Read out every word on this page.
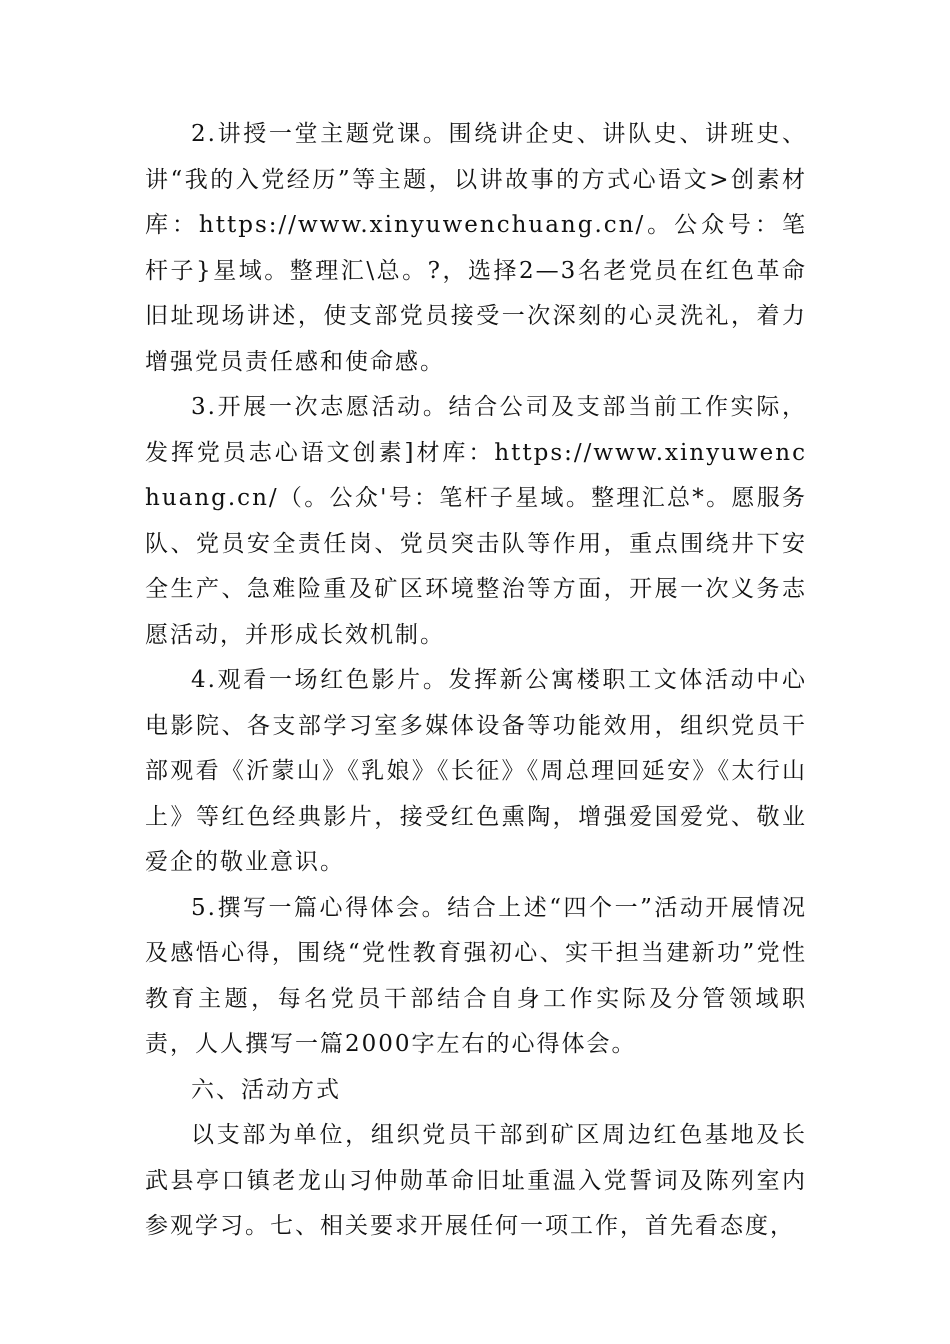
2.讲授一堂主题党课。围绕讲企史、讲队史、讲班史、讲“我的入党经历”等主题，以讲故事的方式心语文>创素材库：https://www.xinyuwenchuang.cn/。公众号：笔杆子}星域。整理汇\总。?，选择2—3名老党员在红色革命旧址现场讲述，使支部党员接受一次深刻的心灵洗礼，着力增强党员责任感和使命感。

3.开展一次志愿活动。结合公司及支部当前工作实际，发挥党员志心语文创素]材库：https://www.xinyuwenchuang.cn/（。公众'号：笔杆子星域。整理汇总*。愿服务队、党员安全责任岗、党员突击队等作用，重点围绕井下安全生产、急难险重及矿区环境整治等方面，开展一次义务志愿活动，并形成长效机制。

4.观看一场红色影片。发挥新公寓楼职工文体活动中心电影院、各支部学习室多媒体设备等功能效用，组织党员干部观看《沂蒙山》《乳娘》《长征》《周总理回延安》《太行山上》等红色经典影片，接受红色熏陶，增强爱国爱党、敬业爱企的敬业意识。

5.撰写一篇心得体会。结合上述“四个一”活动开展情况及感悟心得，围绕“党性教育强初心、实干担当建新功”党性教育主题，每名党员干部结合自身工作实际及分管领域职责，人人撰写一篇2000字左右的心得体会。

六、活动方式

以支部为单位，组织党员干部到矿区周边红色基地及长武县亭口镇老龙山习仲勋革命旧址重温入党誓词及陈列室内参观学习。七、相关要求开展任何一项工作，首先看态度，
